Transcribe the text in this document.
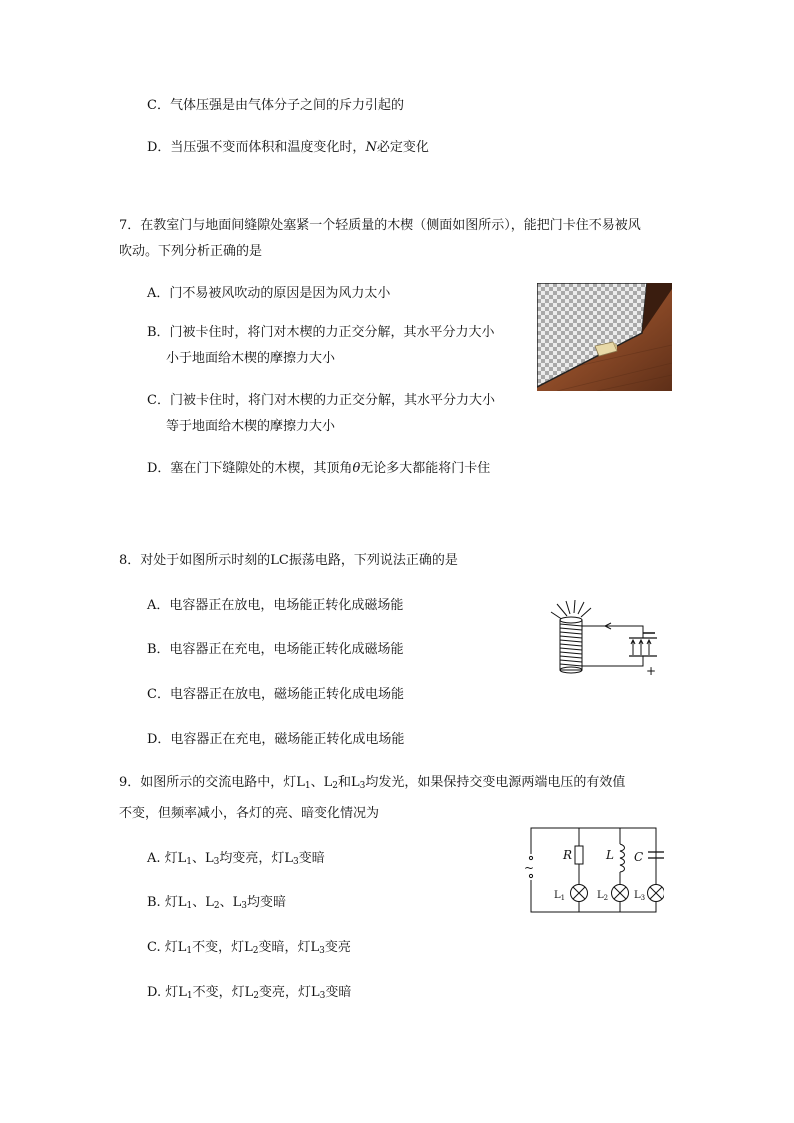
C．气体压强是由气体分子之间的斥力引起的
D．当压强不变而体积和温度变化时，N必定变化
7．在教室门与地面间缝隙处塞紧一个轻质量的木楔（侧面如图所示），能把门卡住不易被风
吹动。下列分析正确的是
A．门不易被风吹动的原因是因为风力太小
B．门被卡住时，将门对木楔的力正交分解，其水平分力大小
小于地面给木楔的摩擦力大小
C．门被卡住时，将门对木楔的力正交分解，其水平分力大小
等于地面给木楔的摩擦力大小
D．塞在门下缝隙处的木楔，其顶角θ无论多大都能将门卡住
8．对处于如图所示时刻的LC振荡电路，下列说法正确的是
A．电容器正在放电，电场能正转化成磁场能
B．电容器正在充电，电场能正转化成磁场能
C．电容器正在放电，磁场能正转化成电场能
D．电容器正在充电，磁场能正转化成电场能
+
9．如图所示的交流电路中，灯$L_1$、$L_2$和$L_3$均发光，如果保持交变电源两端电压的有效值
不变，但频率减小，各灯的亮、暗变化情况为
A. 灯$L_1$、$L_3$均变亮，灯$L_3$变暗
B. 灯$L_1$、$L_2$、$L_3$均变暗
C. 灯$L_1$不变，灯$L_2$变暗，灯$L_3$变亮
D. 灯$L_1$不变，灯$L_2$变亮，灯$L_3$变暗
~
R	L C
$L_1$	$L_2$	$L_3$
